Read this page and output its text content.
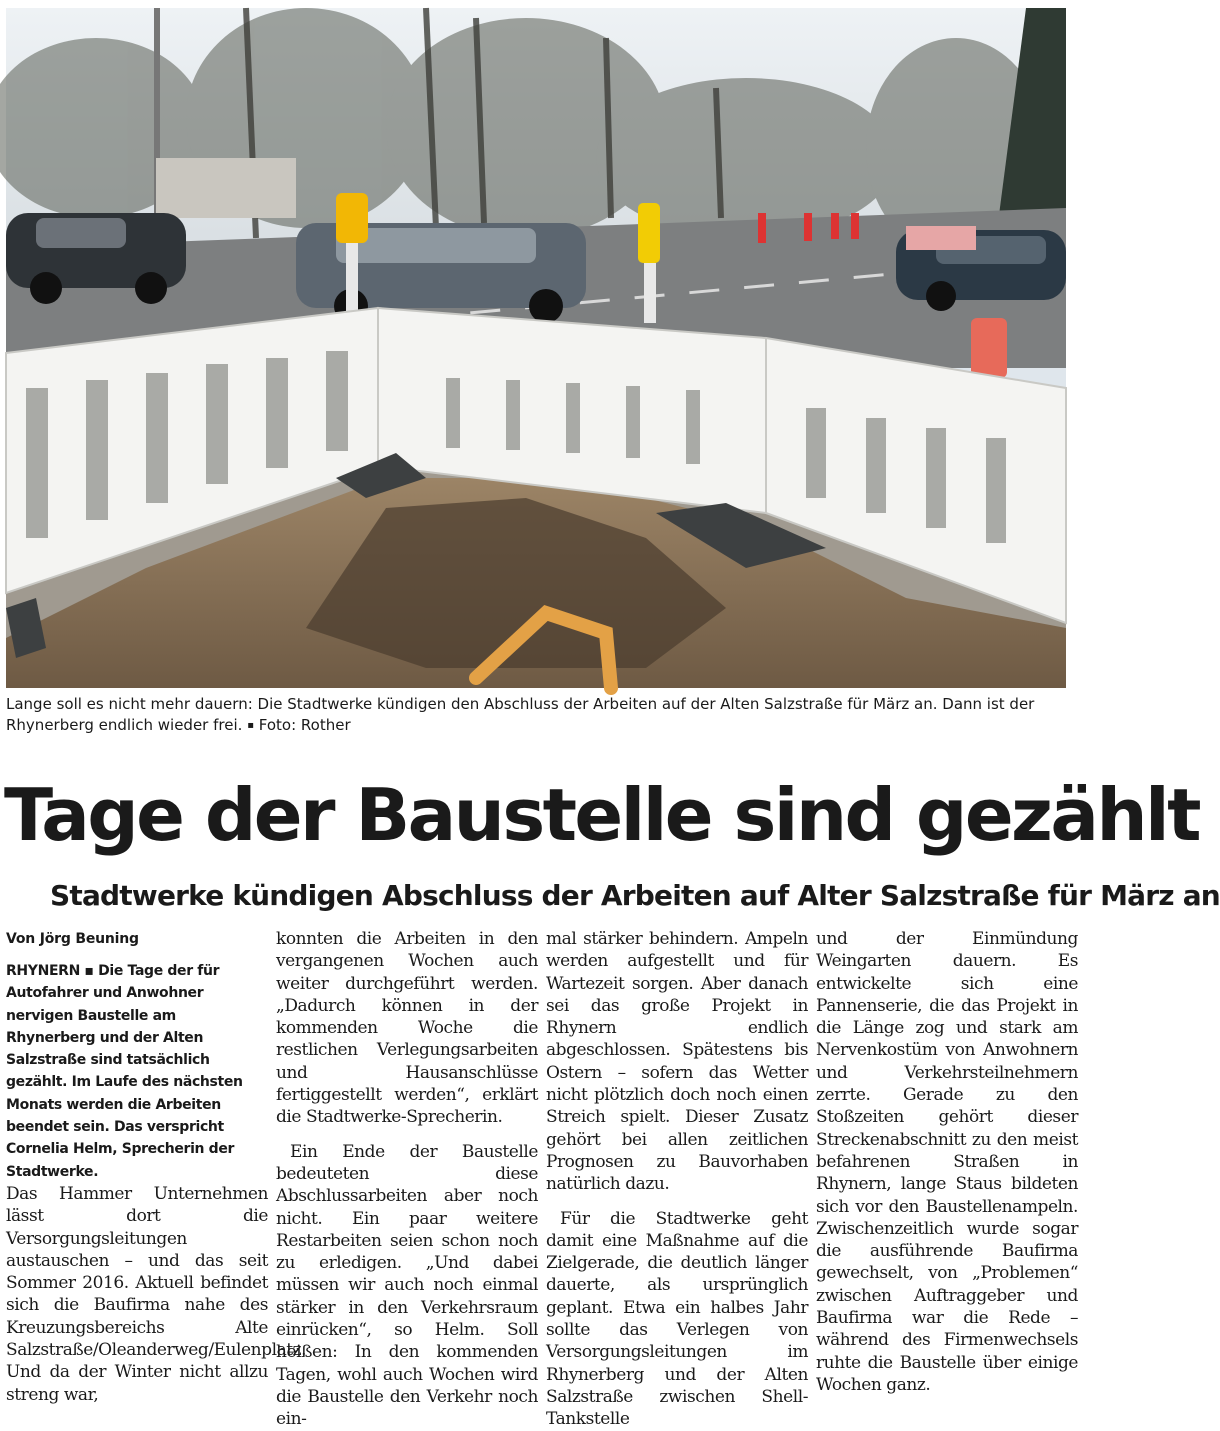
Lange soll es nicht mehr dauern: Die Stadtwerke kündigen den Abschluss der Arbeiten auf der Alten Salzstraße für März an. Dann ist der Rhynerberg endlich wieder frei. ▪ Foto: Rother
Tage der Baustelle sind gezählt
Stadtwerke kündigen Abschluss der Arbeiten auf Alter Salzstraße für März an
Von Jörg Beuning

RHYNERN ▪ Die Tage der für Autofahrer und Anwohner nervigen Baustelle am Rhynerberg und der Alten Salzstraße sind tatsächlich gezählt. Im Laufe des nächsten Monats werden die Arbeiten beendet sein. Das verspricht Cornelia Helm, Sprecherin der Stadtwerke.

Das Hammer Unternehmen lässt dort die Versorgungsleitungen austauschen – und das seit Sommer 2016. Aktuell befindet sich die Baufirma nahe des Kreuzungsbereichs Alte Salzstraße/Oleanderweg/Eulenplatz. Und da der Winter nicht allzu streng war,

konnten die Arbeiten in den vergangenen Wochen auch weiter durchgeführt werden. „Dadurch können in der kommenden Woche die restlichen Verlegungsarbeiten und Hausanschlüsse fertiggestellt werden“, erklärt die Stadtwerke-Sprecherin.

Ein Ende der Baustelle bedeuteten diese Abschlussarbeiten aber noch nicht. Ein paar weitere Restarbeiten seien schon noch zu erledigen. „Und dabei müssen wir auch noch einmal stärker in den Verkehrsraum einrücken“, so Helm. Soll heißen: In den kommenden Tagen, wohl auch Wochen wird die Baustelle den Verkehr noch ein-

mal stärker behindern. Ampeln werden aufgestellt und für Wartezeit sorgen. Aber danach sei das große Projekt in Rhynern endlich abgeschlossen. Spätestens bis Ostern – sofern das Wetter nicht plötzlich doch noch einen Streich spielt. Dieser Zusatz gehört bei allen zeitlichen Prognosen zu Bauvorhaben natürlich dazu.

Für die Stadtwerke geht damit eine Maßnahme auf die Zielgerade, die deutlich länger dauerte, als ursprünglich geplant. Etwa ein halbes Jahr sollte das Verlegen von Versorgungsleitungen im Rhynerberg und der Alten Salzstraße zwischen Shell-Tankstelle

und der Einmündung Weingarten dauern. Es entwickelte sich eine Pannenserie, die das Projekt in die Länge zog und stark am Nervenkostüm von Anwohnern und Verkehrsteilnehmern zerrte. Gerade zu den Stoßzeiten gehört dieser Streckenabschnitt zu den meist befahrenen Straßen in Rhynern, lange Staus bildeten sich vor den Baustellenampeln. Zwischenzeitlich wurde sogar die ausführende Baufirma gewechselt, von „Problemen“ zwischen Auftraggeber und Baufirma war die Rede – während des Firmenwechsels ruhte die Baustelle über einige Wochen ganz.
